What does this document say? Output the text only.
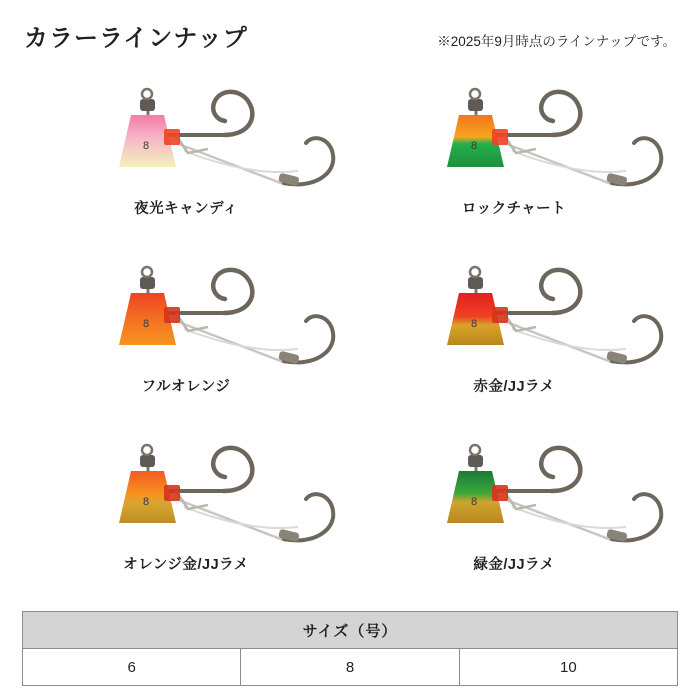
カラーラインナップ	※2025年9月時点のラインナップです。
8
夜光キャンディ
8
ロックチャート
8
フルオレンジ
8
赤金/JJラメ
8
オレンジ金/JJラメ
8
緑金/JJラメ
サイズ（号）
6	8	10
